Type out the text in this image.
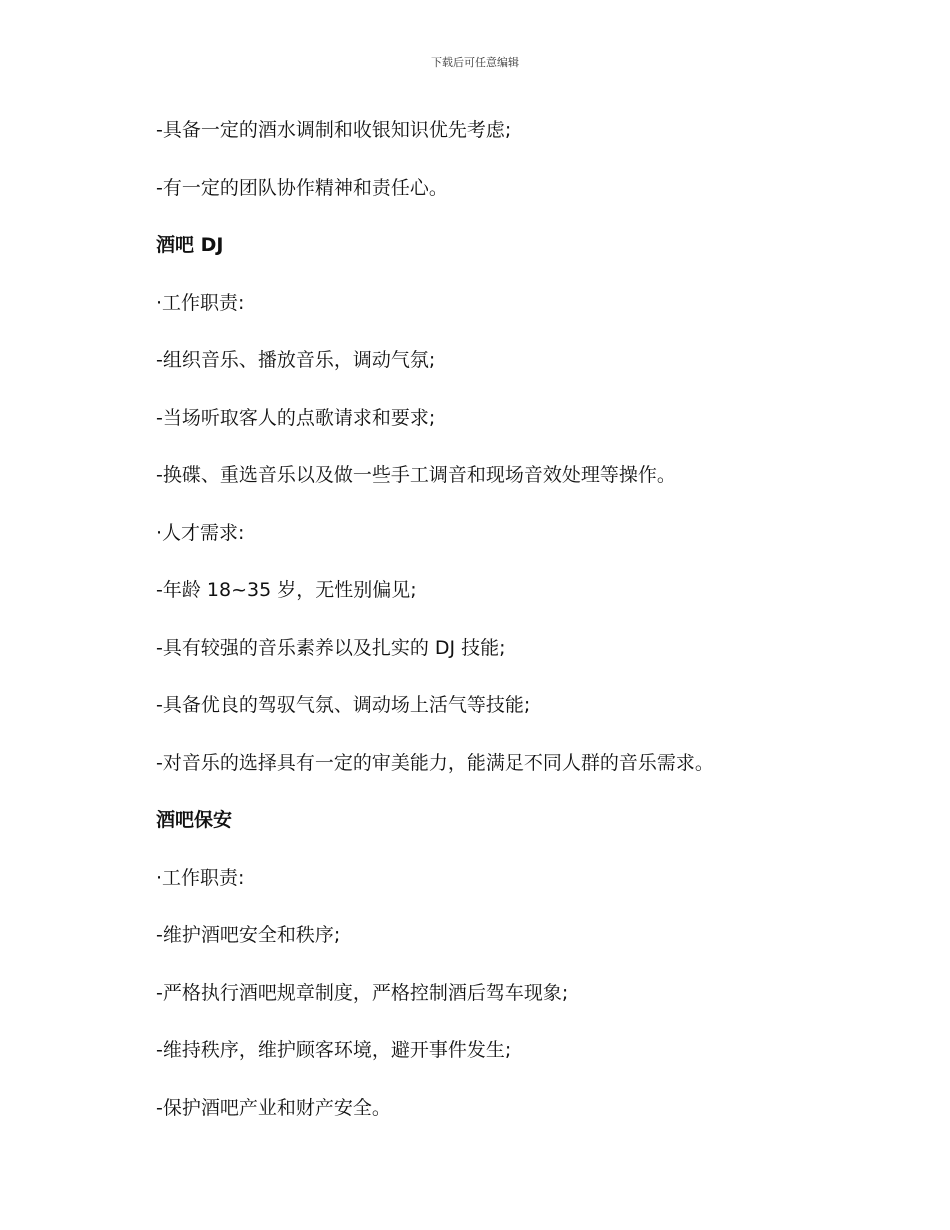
下载后可任意编辑
-具备一定的酒水调制和收银知识优先考虑;
-有一定的团队协作精神和责任心。
酒吧 DJ
·工作职责:
-组织音乐、播放音乐，调动气氛;
-当场听取客人的点歌请求和要求;
-换碟、重选音乐以及做一些手工调音和现场音效处理等操作。
·人才需求:
-年龄 18~35 岁，无性别偏见;
-具有较强的音乐素养以及扎实的 DJ 技能;
-具备优良的驾驭气氛、调动场上活气等技能;
-对音乐的选择具有一定的审美能力，能满足不同人群的音乐需求。
酒吧保安
·工作职责:
-维护酒吧安全和秩序;
-严格执行酒吧规章制度，严格控制酒后驾车现象;
-维持秩序，维护顾客环境，避开事件发生;
-保护酒吧产业和财产安全。
